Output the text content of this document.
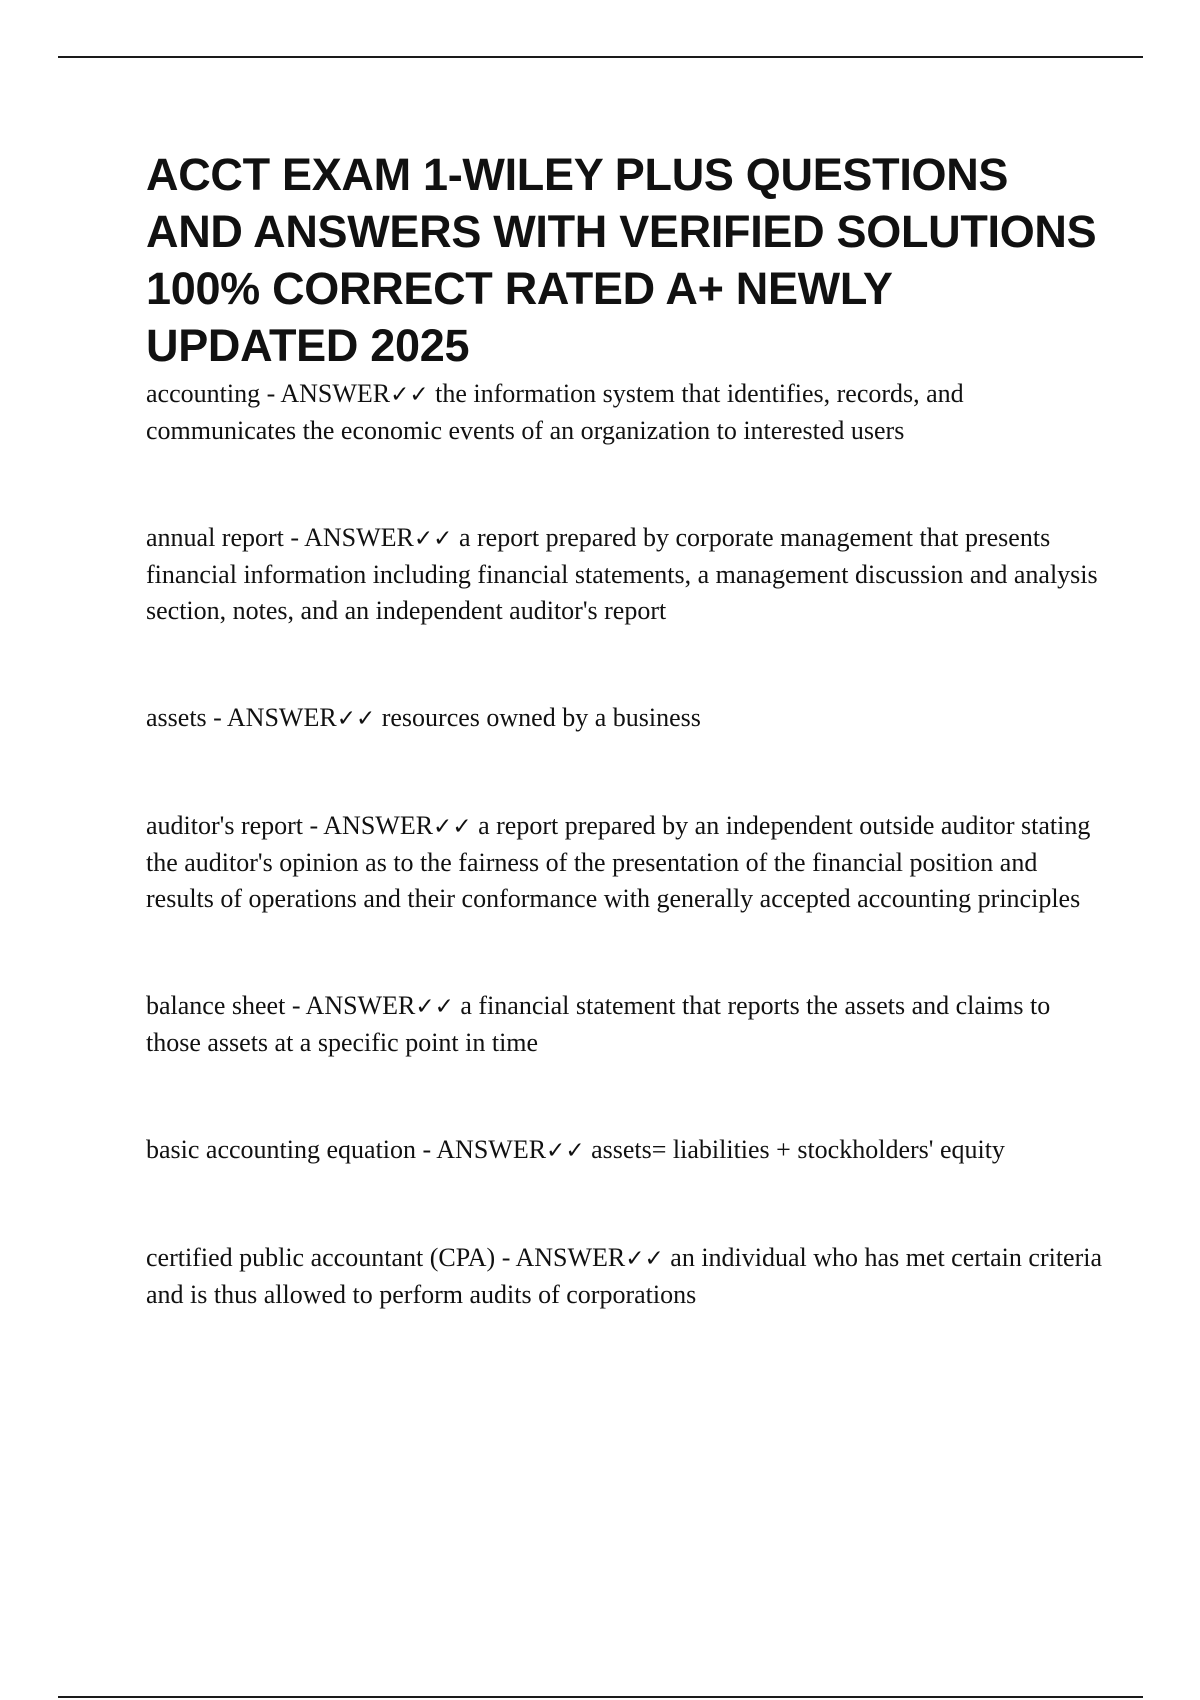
ACCT EXAM 1-WILEY PLUS QUESTIONS AND ANSWERS WITH VERIFIED SOLUTIONS 100% CORRECT RATED A+ NEWLY UPDATED 2025
accounting - ANSWER✓✓ the information system that identifies, records, and communicates the economic events of an organization to interested users
annual report - ANSWER✓✓ a report prepared by corporate management that presents financial information including financial statements, a management discussion and analysis section, notes, and an independent auditor's report
assets - ANSWER✓✓ resources owned by a business
auditor's report - ANSWER✓✓ a report prepared by an independent outside auditor stating the auditor's opinion as to the fairness of the presentation of the financial position and results of operations and their conformance with generally accepted accounting principles
balance sheet - ANSWER✓✓ a financial statement that reports the assets and claims to those assets at a specific point in time
basic accounting equation - ANSWER✓✓ assets= liabilities + stockholders' equity
certified public accountant (CPA) - ANSWER✓✓ an individual who has met certain criteria and is thus allowed to perform audits of corporations
